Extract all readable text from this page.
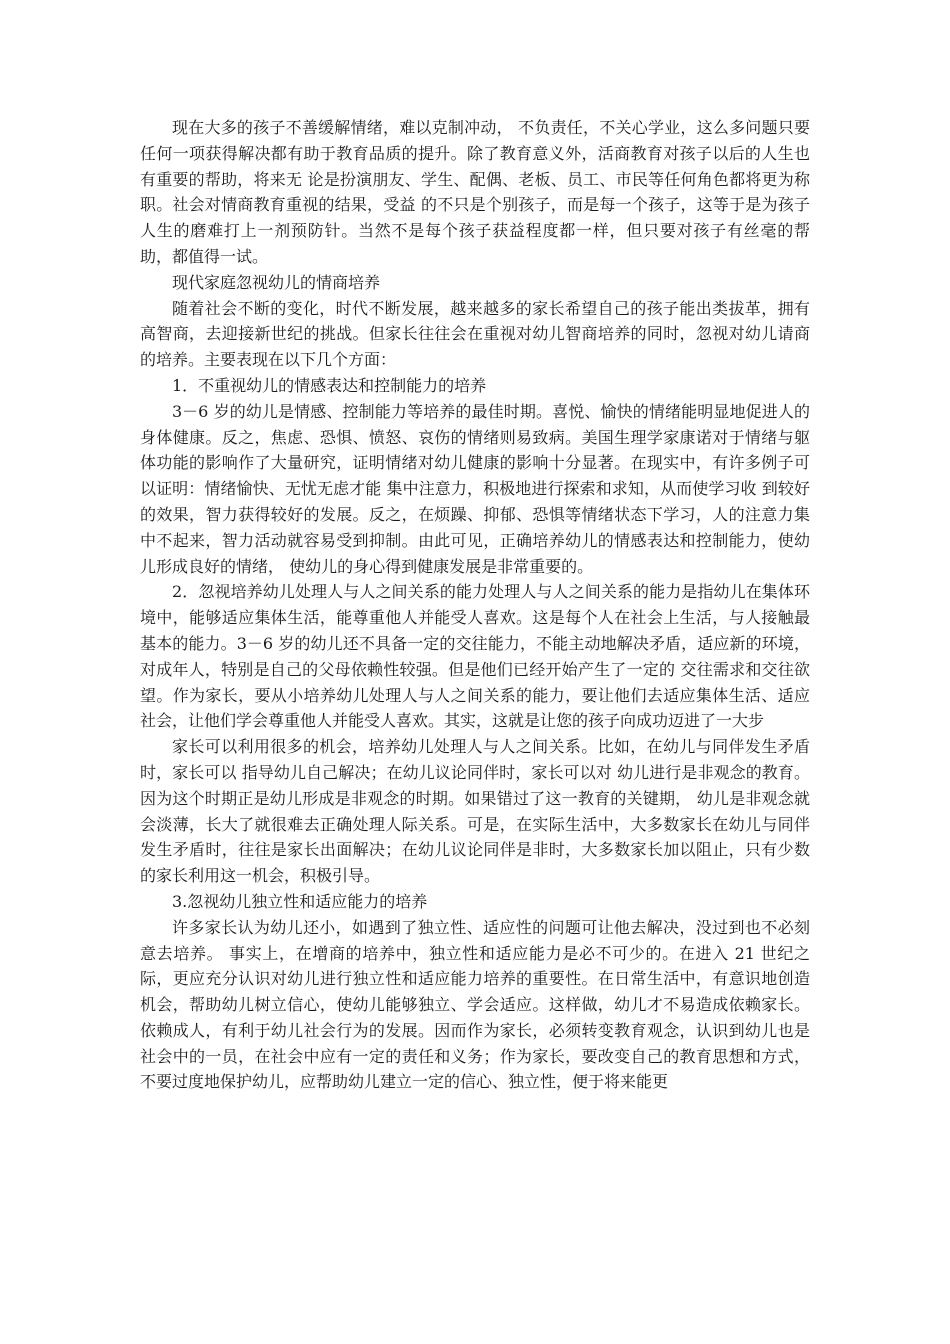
现在大多的孩子不善缓解情绪，难以克制冲动， 不负责任，不关心学业，这么多问题只要任何一项获得解决都有助于教育品质的提升。除了教育意义外，活商教育对孩子以后的人生也有重要的帮助，将来无 论是扮演朋友、学生、配偶、老板、员工、市民等任何角色都将更为称职。社会对情商教育重视的结果，受益 的不只是个别孩子，而是每一个孩子，这等于是为孩子人生的磨难打上一剂预防针。当然不是每个孩子获益程度都一样，但只要对孩子有丝毫的帮助，都值得一试。

现代家庭忽视幼儿的情商培养

随着社会不断的变化，时代不断发展，越来越多的家长希望自己的孩子能出类拔革，拥有高智商，去迎接新世纪的挑战。但家长往往会在重视对幼儿智商培养的同时，忽视对幼儿请商的培养。主要表现在以下几个方面：

1．不重视幼儿的情感表达和控制能力的培养

3－6 岁的幼儿是情感、控制能力等培养的最佳时期。喜悦、愉快的情绪能明显地促进人的身体健康。反之，焦虑、恐惧、愤怒、哀伤的情绪则易致病。美国生理学家康诺对于情绪与躯体功能的影响作了大量研究，证明情绪对幼儿健康的影响十分显著。在现实中，有许多例子可以证明：情绪愉快、无忧无虑才能 集中注意力，积极地进行探索和求知，从而使学习收 到较好的效果，智力获得较好的发展。反之，在烦躁、抑郁、恐惧等情绪状态下学习，人的注意力集中不起来，智力活动就容易受到抑制。由此可见，正确培养幼儿的情感表达和控制能力，使幼儿形成良好的情绪， 使幼儿的身心得到健康发展是非常重要的。

2．忽视培养幼儿处理人与人之间关系的能力处理人与人之间关系的能力是指幼儿在集体环境中，能够适应集体生活，能尊重他人并能受人喜欢。这是每个人在社会上生活，与人接触最基本的能力。3－6 岁的幼儿还不具备一定的交往能力，不能主动地解决矛盾，适应新的环境，对成年人，特别是自己的父母依赖性较强。但是他们已经开始产生了一定的 交往需求和交往欲望。作为家长，要从小培养幼儿处理人与人之间关系的能力，要让他们去适应集体生活、适应社会，让他们学会尊重他人并能受人喜欢。其实，这就是让您的孩子向成功迈进了一大步

家长可以利用很多的机会，培养幼儿处理人与人之间关系。比如，在幼儿与同伴发生矛盾时，家长可以 指导幼儿自己解决；在幼儿议论同伴时，家长可以对 幼儿进行是非观念的教育。因为这个时期正是幼儿形成是非观念的时期。如果错过了这一教育的关键期， 幼儿是非观念就会淡薄，长大了就很难去正确处理人际关系。可是，在实际生活中，大多数家长在幼儿与同伴发生矛盾时，往往是家长出面解决；在幼儿议论同伴是非时，大多数家长加以阻止，只有少数的家长利用这一机会，积极引导。

3.忽视幼儿独立性和适应能力的培养

许多家长认为幼儿还小，如遇到了独立性、适应性的问题可让他去解决，没过到也不必刻意去培养。 事实上，在增商的培养中，独立性和适应能力是必不可少的。在进入 21 世纪之际，更应充分认识对幼儿进行独立性和适应能力培养的重要性。在日常生活中，有意识地创造机会，帮助幼儿树立信心，使幼儿能够独立、学会适应。这样做，幼儿才不易造成依赖家长。 依赖成人，有利于幼儿社会行为的发展。因而作为家长，必须转变教育观念，认识到幼儿也是社会中的一员，在社会中应有一定的责任和义务；作为家长，要改变自己的教育思想和方式，不要过度地保护幼儿，应帮助幼儿建立一定的信心、独立性，便于将来能更
